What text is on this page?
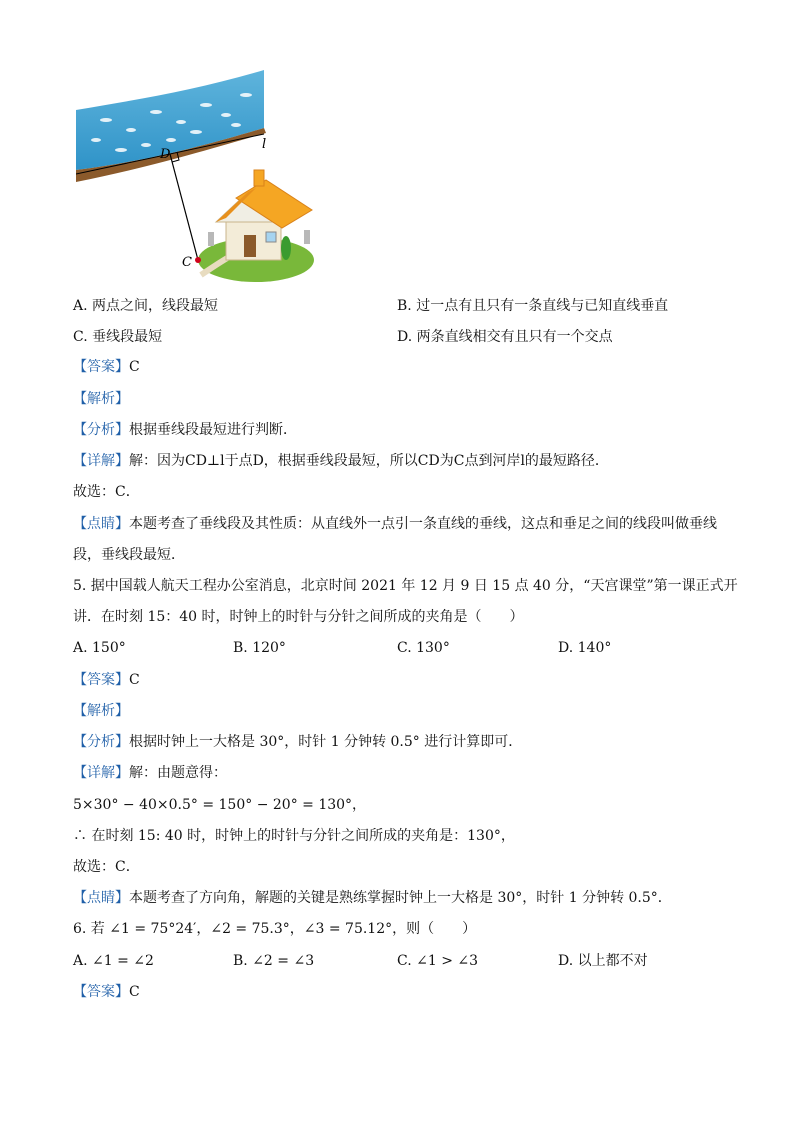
D
l
C
A. 两点之间，线段最短	B. 过一点有且只有一条直线与已知直线垂直
C. 垂线段最短	D. 两条直线相交有且只有一个交点
【答案】C
【解析】
【分析】根据垂线段最短进行判断．
【详解】解：因为CD⊥l于点D，根据垂线段最短，所以CD为C点到河岸l的最短路径．
故选：C．
【点睛】本题考查了垂线段及其性质：从直线外一点引一条直线的垂线，这点和垂足之间的线段叫做垂线
段，垂线段最短．
5. 据中国载人航天工程办公室消息，北京时间 2021 年 12 月 9 日 15 点 40 分，“天宫课堂”第一课正式开
讲．在时刻 15：40 时，时钟上的时针与分针之间所成的夹角是（　　）
A. 150°	B. 120°	C. 130°	D. 140°
【答案】C
【解析】
【分析】根据时钟上一大格是 30°，时针 1 分钟转 0.5° 进行计算即可．
【详解】解：由题意得：
5×30° − 40×0.5° = 150° − 20° = 130°，
∴ 在时刻 15: 40 时，时钟上的时针与分针之间所成的夹角是：130°，
故选：C．
【点睛】本题考查了方向角，解题的关键是熟练掌握时钟上一大格是 30°，时针 1 分钟转 0.5°．
6. 若 ∠1 = 75°24′，∠2 = 75.3°，∠3 = 75.12°，则（　　）
A. ∠1 = ∠2	B. ∠2 = ∠3	C. ∠1 > ∠3	D. 以上都不对
【答案】C
